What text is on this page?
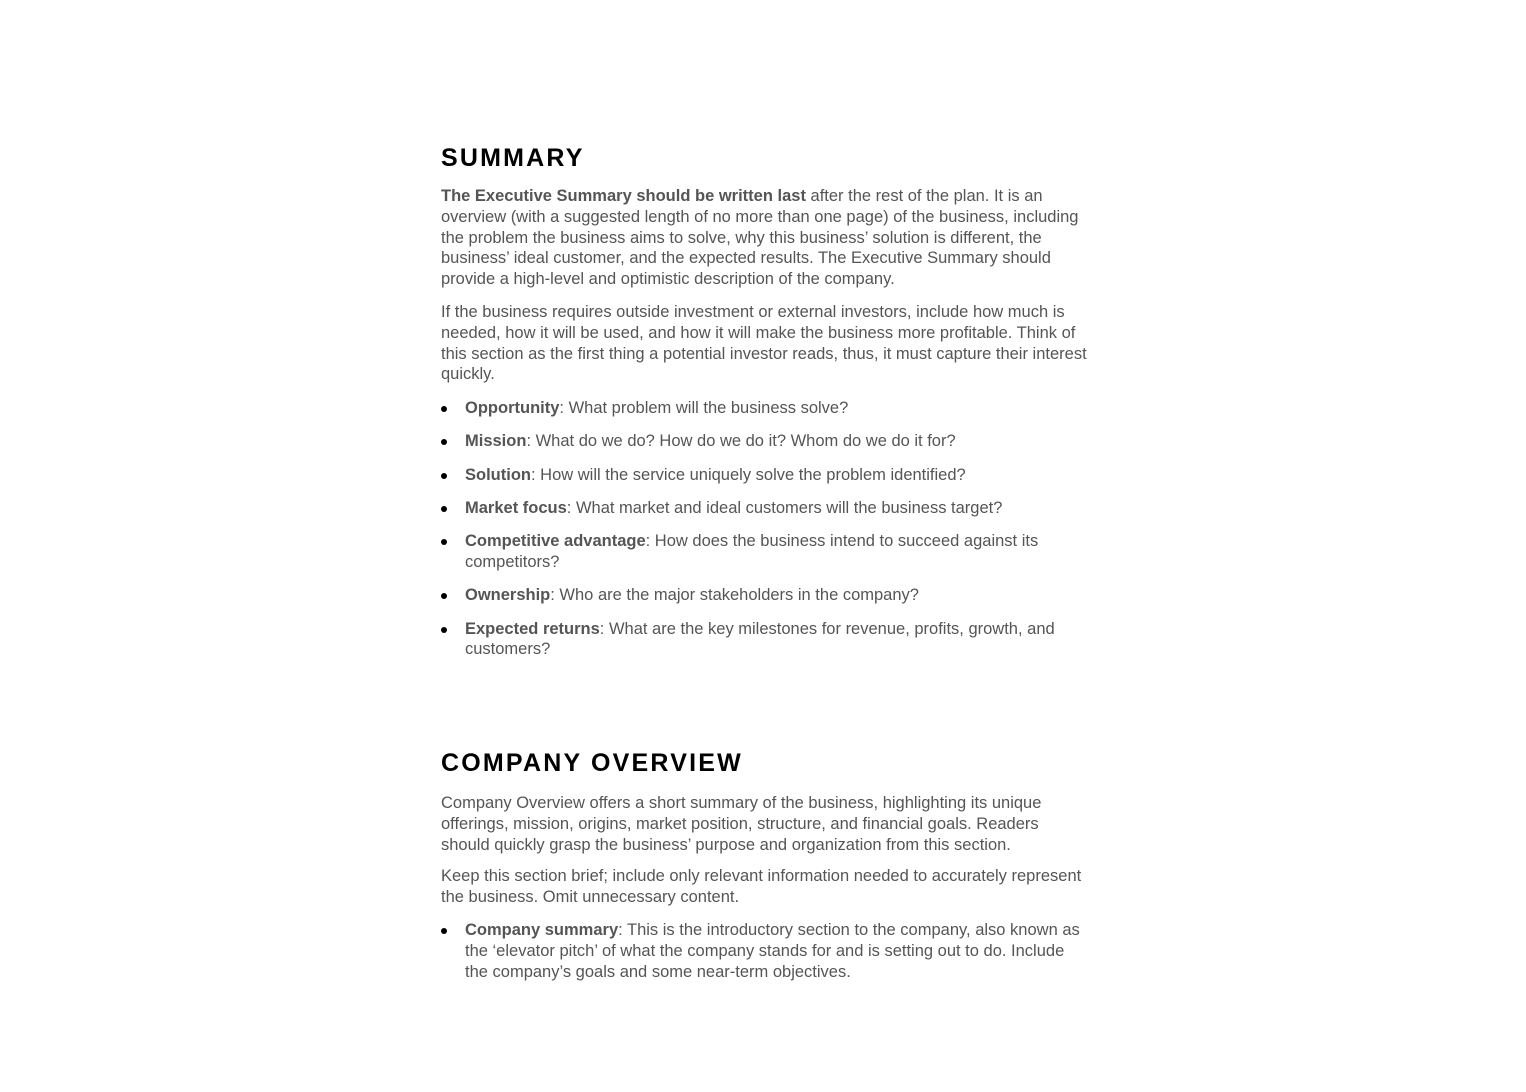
SUMMARY

The Executive Summary should be written last after the rest of the plan. It is an overview (with a suggested length of no more than one page) of the business, including the problem the business aims to solve, why this business’ solution is different, the business’ ideal customer, and the expected results. The Executive Summary should provide a high-level and optimistic description of the company.

If the business requires outside investment or external investors, include how much is needed, how it will be used, and how it will make the business more profitable. Think of this section as the first thing a potential investor reads, thus, it must capture their interest quickly.

Opportunity: What problem will the business solve?
Mission: What do we do? How do we do it? Whom do we do it for?
Solution: How will the service uniquely solve the problem identified?
Market focus: What market and ideal customers will the business target?
Competitive advantage: How does the business intend to succeed against its competitors?
Ownership: Who are the major stakeholders in the company?
Expected returns: What are the key milestones for revenue, profits, growth, and customers?
COMPANY OVERVIEW

Company Overview offers a short summary of the business, highlighting its unique offerings, mission, origins, market position, structure, and financial goals. Readers should quickly grasp the business’ purpose and organization from this section.

Keep this section brief; include only relevant information needed to accurately represent the business. Omit unnecessary content.

Company summary: This is the introductory section to the company, also known as the ‘elevator pitch’ of what the company stands for and is setting out to do. Include the company’s goals and some near-term objectives.
